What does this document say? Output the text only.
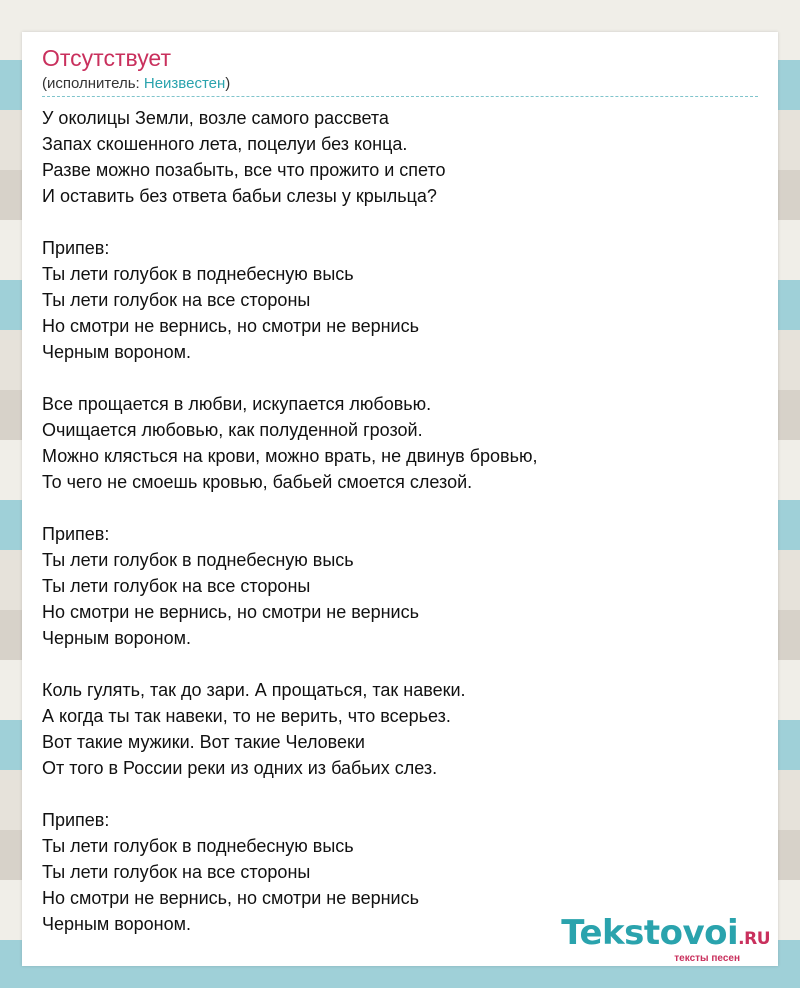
Отсутствует
(исполнитель: Неизвестен)
У околицы Земли, возле самого рассвета
Запах скошенного лета, поцелуи без конца.
Разве можно позабыть, все что прожито и спето
И оставить без ответа бабьи слезы у крыльца?
Припев:
Ты лети голубок в поднебесную высь
Ты лети голубок на все стороны
Но смотри не вернись, но смотри не вернись
Черным вороном.
Все прощается в любви, искупается любовью.
Очищается любовью, как полуденной грозой.
Можно клясться на крови, можно врать, не двинув бровью,
То чего не смоешь кровью, бабьей смоется слезой.
Припев:
Ты лети голубок в поднебесную высь
Ты лети голубок на все стороны
Но смотри не вернись, но смотри не вернись
Черным вороном.
Коль гулять, так до зари. А прощаться, так навеки.
А когда ты так навеки, то не верить, что всерьез.
Вот такие мужики. Вот такие Человеки
От того в России реки из одних из бабьих слез.
Припев:
Ты лети голубок в поднебесную высь
Ты лети голубок на все стороны
Но смотри не вернись, но смотри не вернись
Черным вороном.	Tekstovoi.RU
тексты песен
